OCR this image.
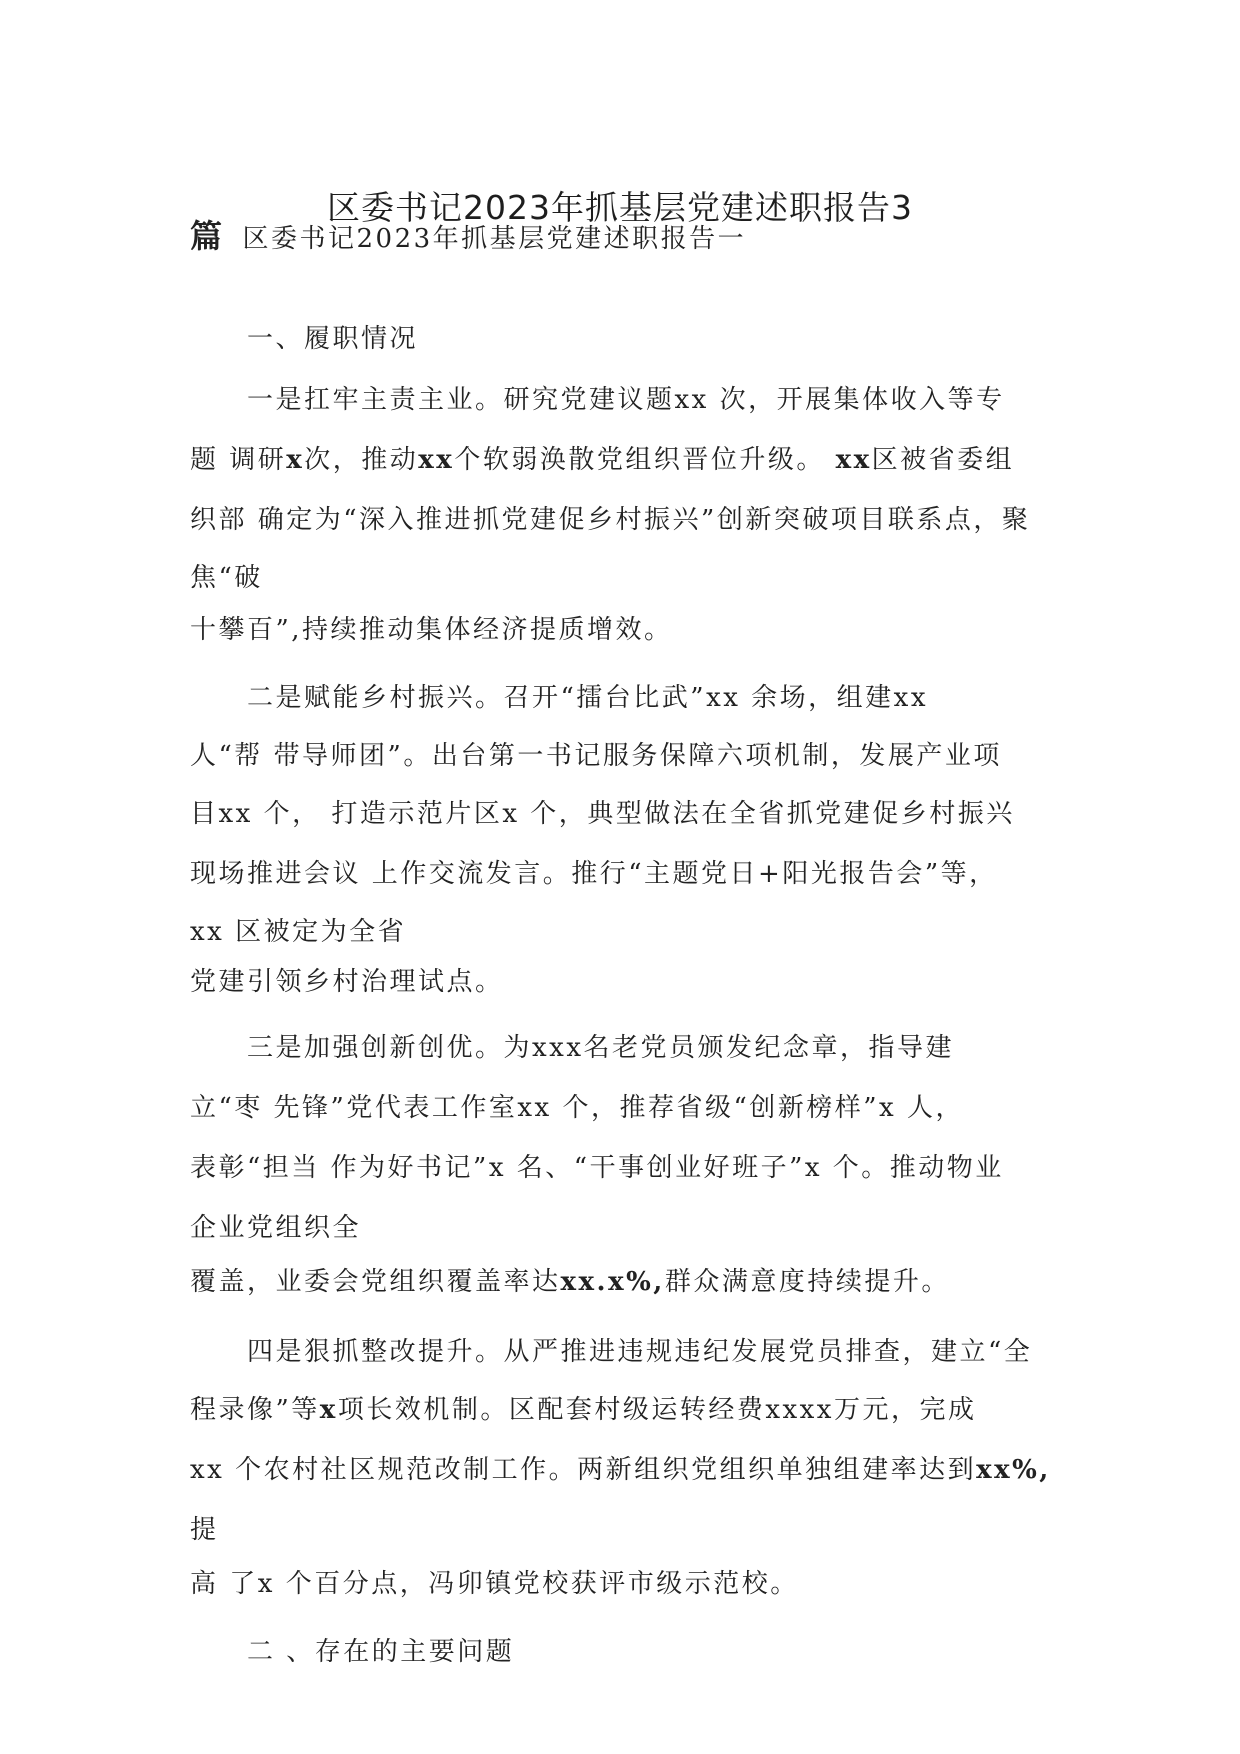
区委书记2023年抓基层党建述职报告3
篇 区委书记2023年抓基层党建述职报告一
一、履职情况
一是扛牢主责主业。研究党建议题xx 次，开展集体收入等专
题 调研x次，推动xx个软弱涣散党组织晋位升级。 xx区被省委组
织部 确定为“深入推进抓党建促乡村振兴”创新突破项目联系点，聚
焦“破
十攀百”,持续推动集体经济提质增效。
二是赋能乡村振兴。召开“擂台比武”xx 余场，组建xx
人“帮 带导师团”。出台第一书记服务保障六项机制，发展产业项
目xx 个， 打造示范片区x 个，典型做法在全省抓党建促乡村振兴
现场推进会议 上作交流发言。推行“主题党日+阳光报告会”等，
xx 区被定为全省
党建引领乡村治理试点。
三是加强创新创优。为xxx名老党员颁发纪念章，指导建
立“枣 先锋”党代表工作室xx 个，推荐省级“创新榜样”x 人，
表彰“担当 作为好书记”x 名、“干事创业好班子”x 个。推动物业
企业党组织全
覆盖，业委会党组织覆盖率达xx.x%,群众满意度持续提升。
四是狠抓整改提升。从严推进违规违纪发展党员排查，建立“全
程录像”等x项长效机制。区配套村级运转经费xxxx万元，完成
xx 个农村社区规范改制工作。两新组织党组织单独组建率达到xx%,
提
高 了x 个百分点，冯卯镇党校获评市级示范校。
二 、存在的主要问题
